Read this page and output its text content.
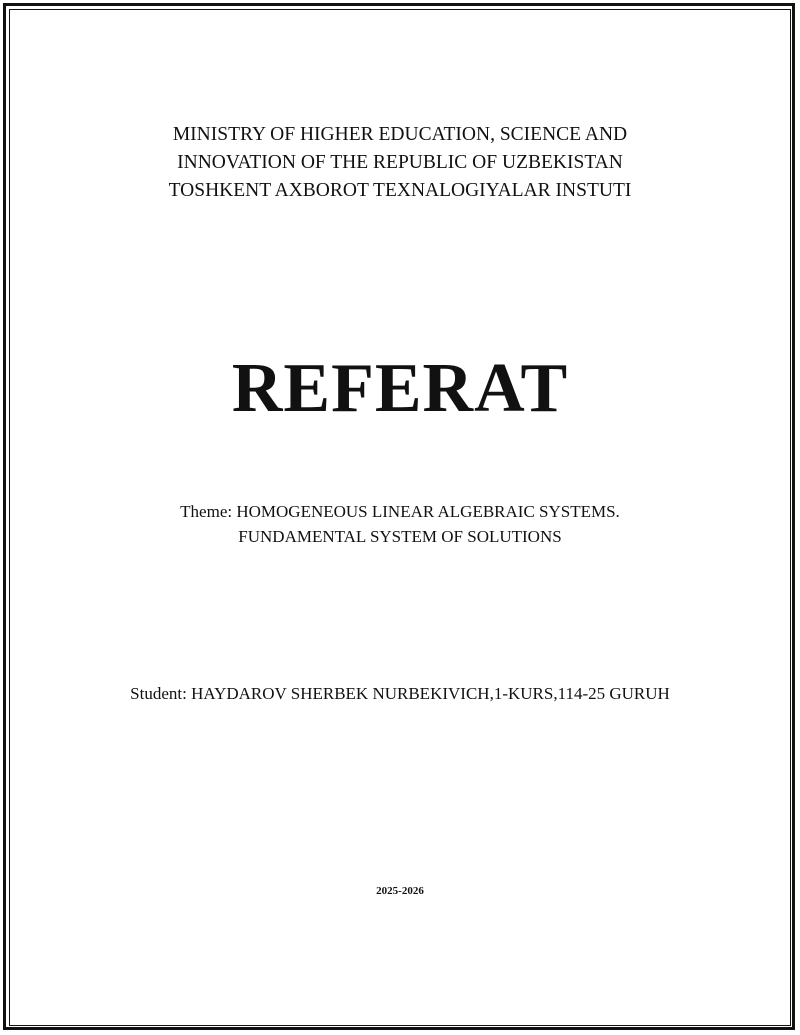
MINISTRY OF HIGHER EDUCATION, SCIENCE AND
INNOVATION OF THE REPUBLIC OF UZBEKISTAN
TOSHKENT AXBOROT TEXNALOGIYALAR INSTUTI
REFERAT
Theme: HOMOGENEOUS LINEAR ALGEBRAIC SYSTEMS.
FUNDAMENTAL SYSTEM OF SOLUTIONS
Student: HAYDAROV SHERBEK NURBEKIVICH,1-KURS,114-25 GURUH
2025-2026
